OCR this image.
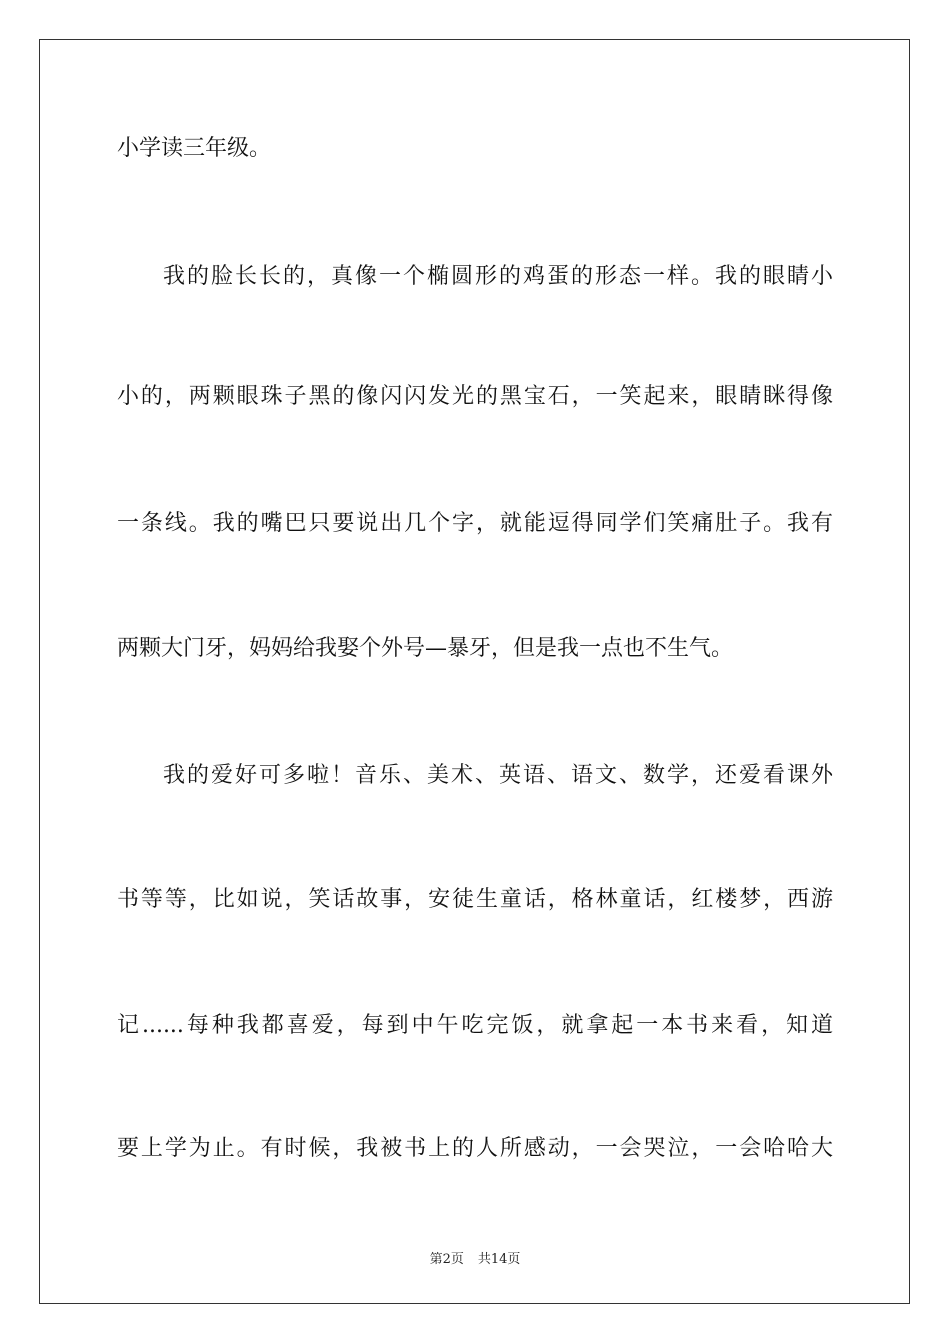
小学读三年级。
我的脸长长的，真像一个椭圆形的鸡蛋的形态一样。我的眼睛小
小的，两颗眼珠子黑的像闪闪发光的黑宝石，一笑起来，眼睛眯得像
一条线。我的嘴巴只要说出几个字，就能逗得同学们笑痛肚子。我有
两颗大门牙，妈妈给我娶个外号—暴牙，但是我一点也不生气。
我的爱好可多啦！音乐、美术、英语、语文、数学，还爱看课外
书等等，比如说，笑话故事，安徒生童话，格林童话，红楼梦，西游
记......每种我都喜爱，每到中午吃完饭，就拿起一本书来看，知道
要上学为止。有时候，我被书上的人所感动，一会哭泣，一会哈哈大
第2页 共14页
